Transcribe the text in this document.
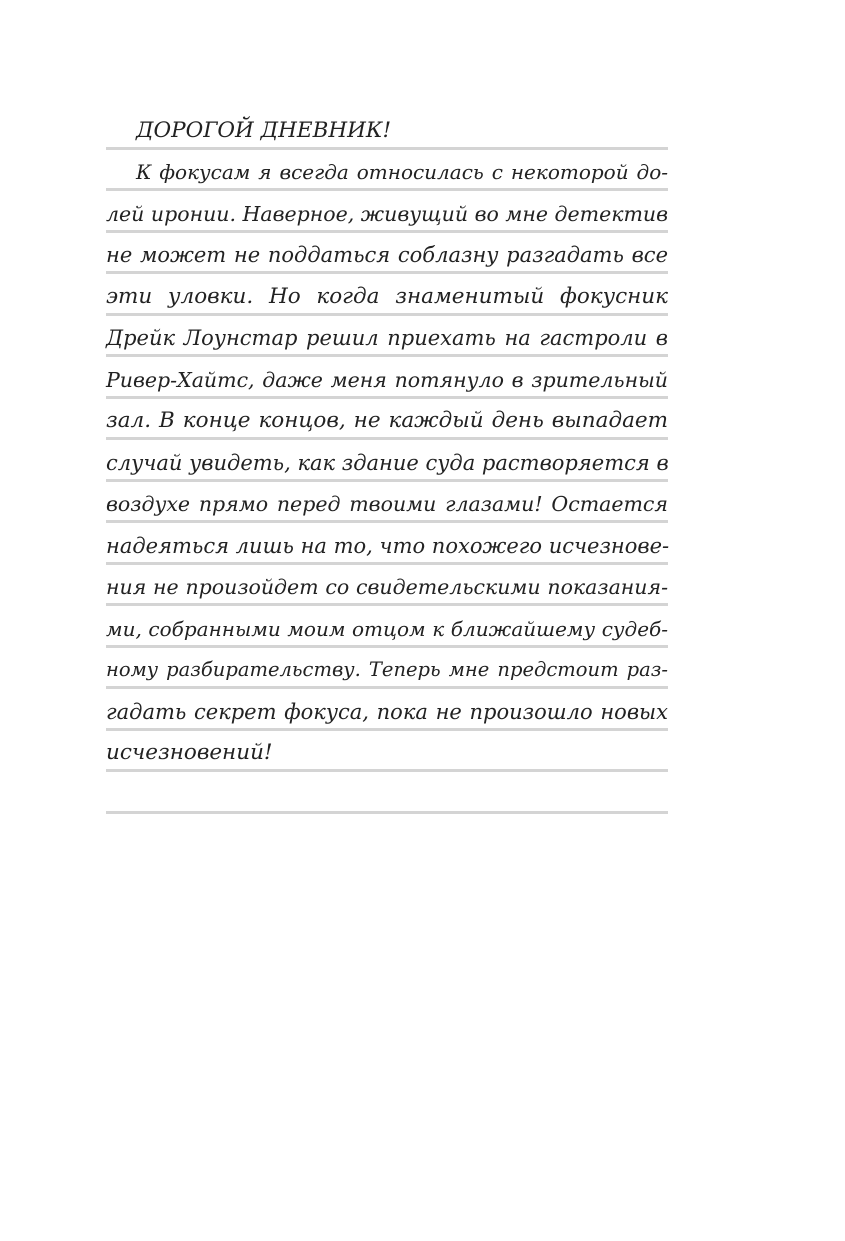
ДОРОГОЙ ДНЕВНИК!
К фокусам я всегда относилась с некоторой до-
лей иронии. Наверное, живущий во мне детектив
не может не поддаться соблазну разгадать все
эти уловки. Но когда знаменитый фокусник
Дрейк Лоунстар решил приехать на гастроли в
Ривер-Хайтс, даже меня потянуло в зрительный
зал. В конце концов, не каждый день выпадает
случай увидеть, как здание суда растворяется в
воздухе прямо перед твоими глазами! Остается
надеяться лишь на то, что похожего исчезнове-
ния не произойдет со свидетельскими показания-
ми, собранными моим отцом к ближайшему судеб-
ному разбирательству. Теперь мне предстоит раз-
гадать секрет фокуса, пока не произошло новых
исчезновений!
